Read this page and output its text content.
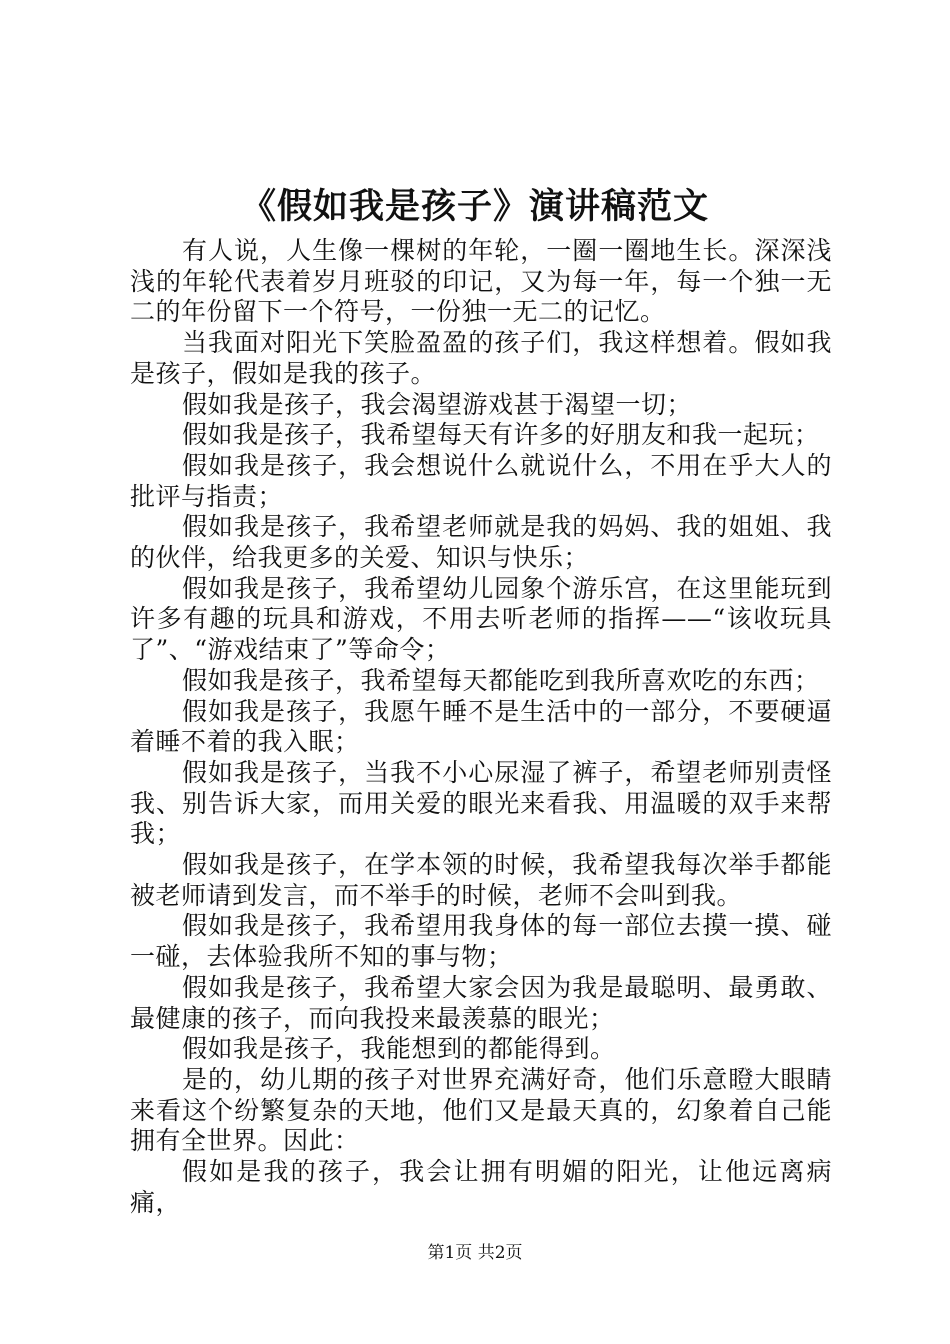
《假如我是孩子》演讲稿范文

有人说，人生像一棵树的年轮，一圈一圈地生长。深深浅浅的年轮代表着岁月班驳的印记，又为每一年，每一个独一无二的年份留下一个符号，一份独一无二的记忆。

当我面对阳光下笑脸盈盈的孩子们，我这样想着。假如我是孩子，假如是我的孩子。

假如我是孩子，我会渴望游戏甚于渴望一切；

假如我是孩子，我希望每天有许多的好朋友和我一起玩；

假如我是孩子，我会想说什么就说什么，不用在乎大人的批评与指责；

假如我是孩子，我希望老师就是我的妈妈、我的姐姐、我的伙伴，给我更多的关爱、知识与快乐；

假如我是孩子，我希望幼儿园象个游乐宫，在这里能玩到许多有趣的玩具和游戏，不用去听老师的指挥——“该收玩具了”、“游戏结束了”等命令；

假如我是孩子，我希望每天都能吃到我所喜欢吃的东西；

假如我是孩子，我愿午睡不是生活中的一部分，不要硬逼着睡不着的我入眠；

假如我是孩子，当我不小心尿湿了裤子，希望老师别责怪我、别告诉大家，而用关爱的眼光来看我、用温暖的双手来帮我；

假如我是孩子，在学本领的时候，我希望我每次举手都能被老师请到发言，而不举手的时候，老师不会叫到我。

假如我是孩子，我希望用我身体的每一部位去摸一摸、碰一碰，去体验我所不知的事与物；

假如我是孩子，我希望大家会因为我是最聪明、最勇敢、最健康的孩子，而向我投来最羡慕的眼光；

假如我是孩子，我能想到的都能得到。

是的，幼儿期的孩子对世界充满好奇，他们乐意瞪大眼睛来看这个纷繁复杂的天地，他们又是最天真的，幻象着自己能拥有全世界。因此：

假如是我的孩子，我会让拥有明媚的阳光，让他远离病痛，

第1页 共2页
